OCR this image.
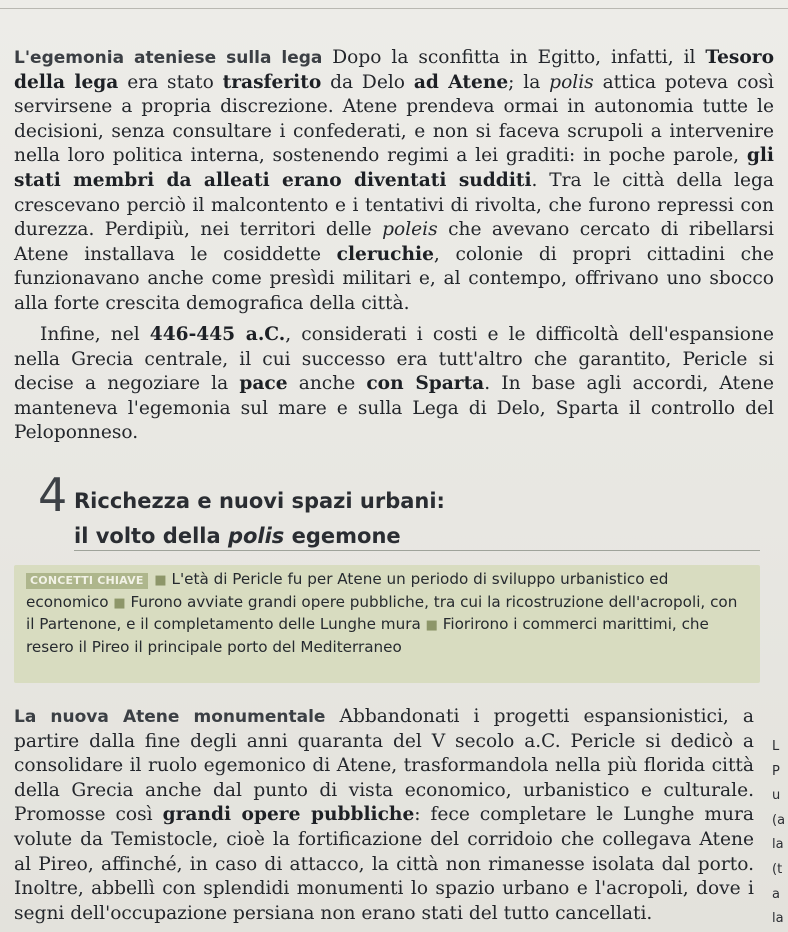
L'egemonia ateniese sulla lega Dopo la sconfitta in Egitto, infatti, il Tesoro della lega era stato trasferito da Delo ad Atene; la polis attica poteva così servirsene a propria discrezione. Atene prendeva ormai in autonomia tutte le decisioni, senza consultare i confederati, e non si faceva scrupoli a intervenire nella loro politica interna, sostenendo regimi a lei graditi: in poche parole, gli stati membri da alleati erano diventati sudditi. Tra le città della lega crescevano perciò il malcontento e i tentativi di rivolta, che furono repressi con durezza. Perdipiù, nei territori delle poleis che avevano cercato di ribellarsi Atene installava le cosiddette cleruchie, colonie di propri cittadini che funzionavano anche come presìdi militari e, al contempo, offrivano uno sbocco alla forte crescita demografica della città.

Infine, nel 446-445 a.C., considerati i costi e le difficoltà dell'espansione nella Grecia centrale, il cui successo era tutt'altro che garantito, Pericle si decise a negoziare la pace anche con Sparta. In base agli accordi, Atene manteneva l'egemonia sul mare e sulla Lega di Delo, Sparta il controllo del Peloponneso.

4 Ricchezza e nuovi spazi urbani:
il volto della polis egemone

CONCETTI CHIAVE ■ L'età di Pericle fu per Atene un periodo di sviluppo urbanistico ed economico ■ Furono avviate grandi opere pubbliche, tra cui la ricostruzione dell'acropoli, con il Partenone, e il completamento delle Lunghe mura ■ Fiorirono i commerci marittimi, che resero il Pireo il principale porto del Mediterraneo

La nuova Atene monumentale Abbandonati i progetti espansionistici, a partire dalla fine degli anni quaranta del V secolo a.C. Pericle si dedicò a consolidare il ruolo egemonico di Atene, trasformandola nella più florida città della Grecia anche dal punto di vista economico, urbanistico e culturale. Promosse così grandi opere pubbliche: fece completare le Lunghe mura volute da Temistocle, cioè la fortificazione del corridoio che collegava Atene al Pireo, affinché, in caso di attacco, la città non rimanesse isolata dal porto. Inoltre, abbellì con splendidi monumenti lo spazio urbano e l'acropoli, dove i segni dell'occupazione persiana non erano stati del tutto cancellati.

L
P
u
(a
la
(t
a
la
